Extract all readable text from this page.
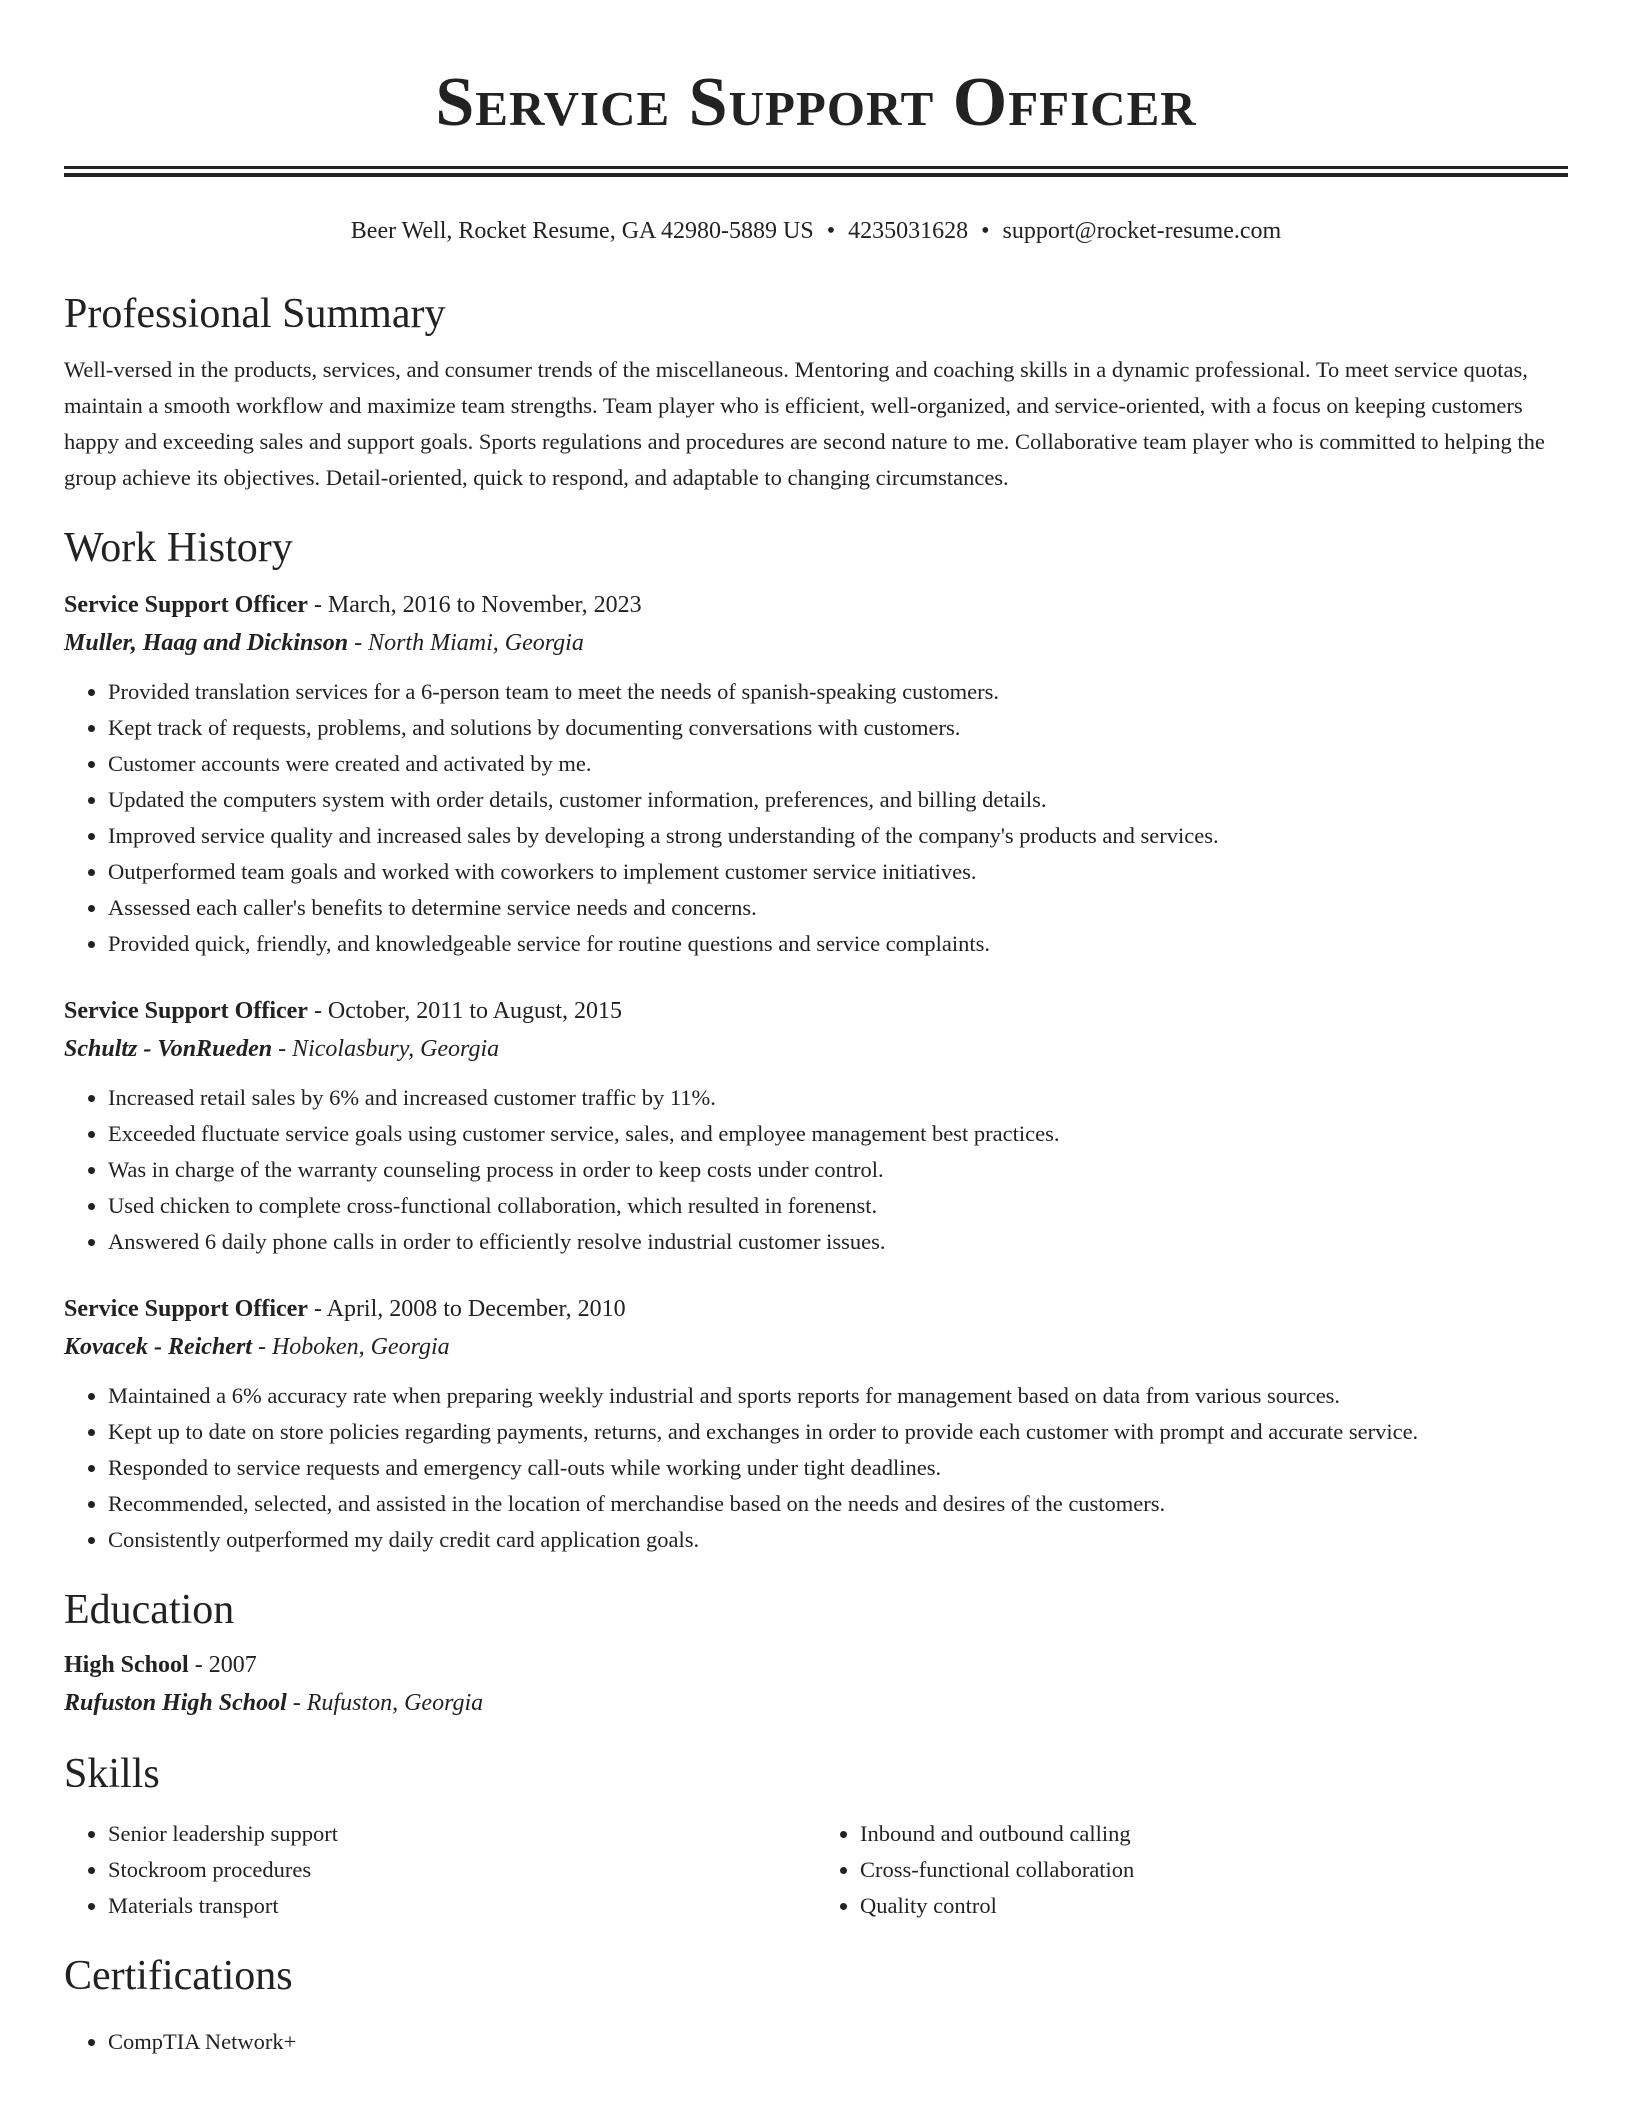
Service Support Officer
Beer Well, Rocket Resume, GA 42980-5889 US • 4235031628 • support@rocket-resume.com
Professional Summary
Well-versed in the products, services, and consumer trends of the miscellaneous. Mentoring and coaching skills in a dynamic professional. To meet service quotas, maintain a smooth workflow and maximize team strengths. Team player who is efficient, well-organized, and service-oriented, with a focus on keeping customers happy and exceeding sales and support goals. Sports regulations and procedures are second nature to me. Collaborative team player who is committed to helping the group achieve its objectives. Detail-oriented, quick to respond, and adaptable to changing circumstances.
Work History
Service Support Officer - March, 2016 to November, 2023
Muller, Haag and Dickinson - North Miami, Georgia
• Provided translation services for a 6-person team to meet the needs of spanish-speaking customers.
• Kept track of requests, problems, and solutions by documenting conversations with customers.
• Customer accounts were created and activated by me.
• Updated the computers system with order details, customer information, preferences, and billing details.
• Improved service quality and increased sales by developing a strong understanding of the company's products and services.
• Outperformed team goals and worked with coworkers to implement customer service initiatives.
• Assessed each caller's benefits to determine service needs and concerns.
• Provided quick, friendly, and knowledgeable service for routine questions and service complaints.
Service Support Officer - October, 2011 to August, 2015
Schultz - VonRueden - Nicolasbury, Georgia
• Increased retail sales by 6% and increased customer traffic by 11%.
• Exceeded fluctuate service goals using customer service, sales, and employee management best practices.
• Was in charge of the warranty counseling process in order to keep costs under control.
• Used chicken to complete cross-functional collaboration, which resulted in forenenst.
• Answered 6 daily phone calls in order to efficiently resolve industrial customer issues.
Service Support Officer - April, 2008 to December, 2010
Kovacek - Reichert - Hoboken, Georgia
• Maintained a 6% accuracy rate when preparing weekly industrial and sports reports for management based on data from various sources.
• Kept up to date on store policies regarding payments, returns, and exchanges in order to provide each customer with prompt and accurate service.
• Responded to service requests and emergency call-outs while working under tight deadlines.
• Recommended, selected, and assisted in the location of merchandise based on the needs and desires of the customers.
• Consistently outperformed my daily credit card application goals.
Education
High School - 2007
Rufuston High School - Rufuston, Georgia
Skills
• Senior leadership support
• Stockroom procedures
• Materials transport
• Inbound and outbound calling
• Cross-functional collaboration
• Quality control
Certifications
• CompTIA Network+
